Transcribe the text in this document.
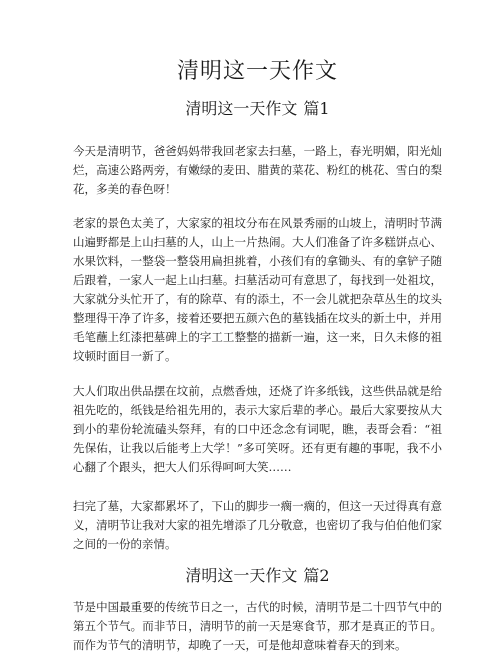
清明这一天作文
清明这一天作文 篇1

今天是清明节，爸爸妈妈带我回老家去扫墓，一路上，春光明媚，阳光灿烂，高速公路两旁，有嫩绿的麦田、腊黄的菜花、粉红的桃花、雪白的梨花，多美的春色呀！

老家的景色太美了，大家家的祖坟分布在风景秀丽的山坡上，清明时节满山遍野都是上山扫墓的人，山上一片热闹。大人们准备了许多糕饼点心、水果饮料，一整袋一整袋用扁担挑着，小孩们有的拿锄头、有的拿铲子随后跟着，一家人一起上山扫墓。扫墓活动可有意思了，每找到一处祖坟，大家就分头忙开了，有的除草、有的添土，不一会儿就把杂草丛生的坟头整理得干净了许多，接着还要把五颜六色的墓钱插在坟头的新土中，并用毛笔蘸上红漆把墓碑上的字工工整整的描新一遍，这一来，日久未修的祖坟顿时面目一新了。

大人们取出供品摆在坟前，点燃香烛，还烧了许多纸钱，这些供品就是给祖先吃的，纸钱是给祖先用的，表示大家后辈的孝心。最后大家要按从大到小的辈份轮流磕头祭拜，有的口中还念念有词呢，瞧，表哥会看：“祖先保佑，让我以后能考上大学！”多可笑呀。还有更有趣的事呢，我不小心翻了个跟头，把大人们乐得呵呵大笑……

扫完了墓，大家都累坏了，下山的脚步一瘸一瘸的，但这一天过得真有意义，清明节让我对大家的祖先增添了几分敬意，也密切了我与伯伯他们家之间的一份的亲情。

清明这一天作文 篇2

节是中国最重要的传统节日之一，古代的时候，清明节是二十四节气中的第五个节气。而非节日，清明节的前一天是寒食节，那才是真正的节日。而作为节气的清明节，却晚了一天，可是他却意味着春天的到来。
